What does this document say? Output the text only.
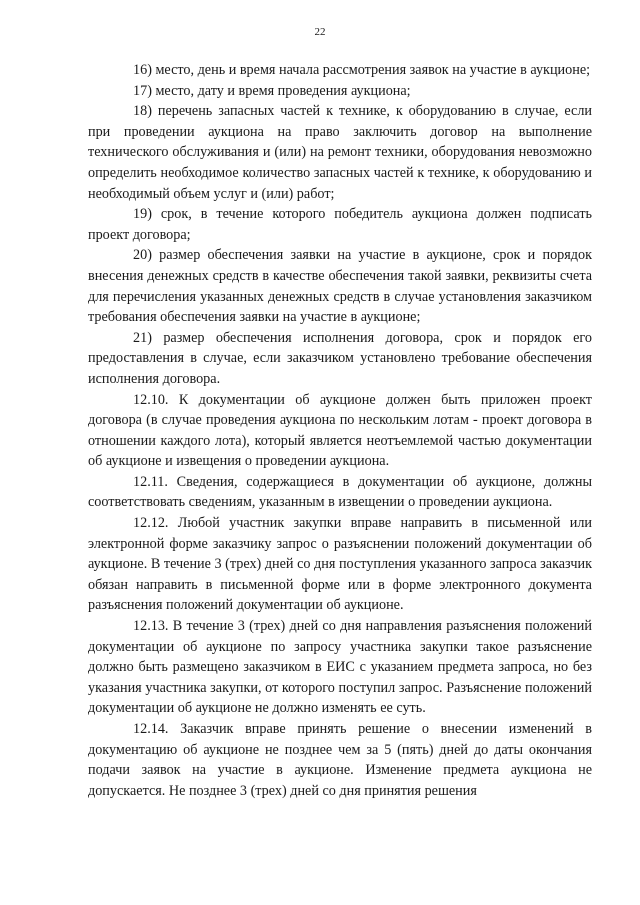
22

16) место, день и время начала рассмотрения заявок на участие в аукционе;

17) место, дату и время проведения аукциона;

18) перечень запасных частей к технике, к оборудованию в случае, если при проведении аукциона на право заключить договор на выполнение технического обслуживания и (или) на ремонт техники, оборудования невозможно определить необходимое количество запасных частей к технике, к оборудованию и необходимый объем услуг и (или) работ;

19) срок, в течение которого победитель аукциона должен подписать проект договора;

20) размер обеспечения заявки на участие в аукционе, срок и порядок внесения денежных средств в качестве обеспечения такой заявки, реквизиты счета для перечисления указанных денежных средств в случае установления заказчиком требования обеспечения заявки на участие в аукционе;

21) размер обеспечения исполнения договора, срок и порядок его предоставления в случае, если заказчиком установлено требование обеспечения исполнения договора.

12.10. К документации об аукционе должен быть приложен проект договора (в случае проведения аукциона по нескольким лотам - проект договора в отношении каждого лота), который является неотъемлемой частью документации об аукционе и извещения о проведении аукциона.

12.11. Сведения, содержащиеся в документации об аукционе, должны соответствовать сведениям, указанным в извещении о проведении аукциона.

12.12. Любой участник закупки вправе направить в письменной или электронной форме заказчику запрос о разъяснении положений документации об аукционе. В течение 3 (трех) дней со дня поступления указанного запроса заказчик обязан направить в письменной форме или в форме электронного документа разъяснения положений документации об аукционе.

12.13. В течение 3 (трех) дней со дня направления разъяснения положений документации об аукционе по запросу участника закупки такое разъяснение должно быть размещено заказчиком в ЕИС с указанием предмета запроса, но без указания участника закупки, от которого поступил запрос. Разъяснение положений документации об аукционе не должно изменять ее суть.

12.14. Заказчик вправе принять решение о внесении изменений в документацию об аукционе не позднее чем за 5 (пять) дней до даты окончания подачи заявок на участие в аукционе. Изменение предмета аукциона не допускается. Не позднее 3 (трех) дней со дня принятия решения
